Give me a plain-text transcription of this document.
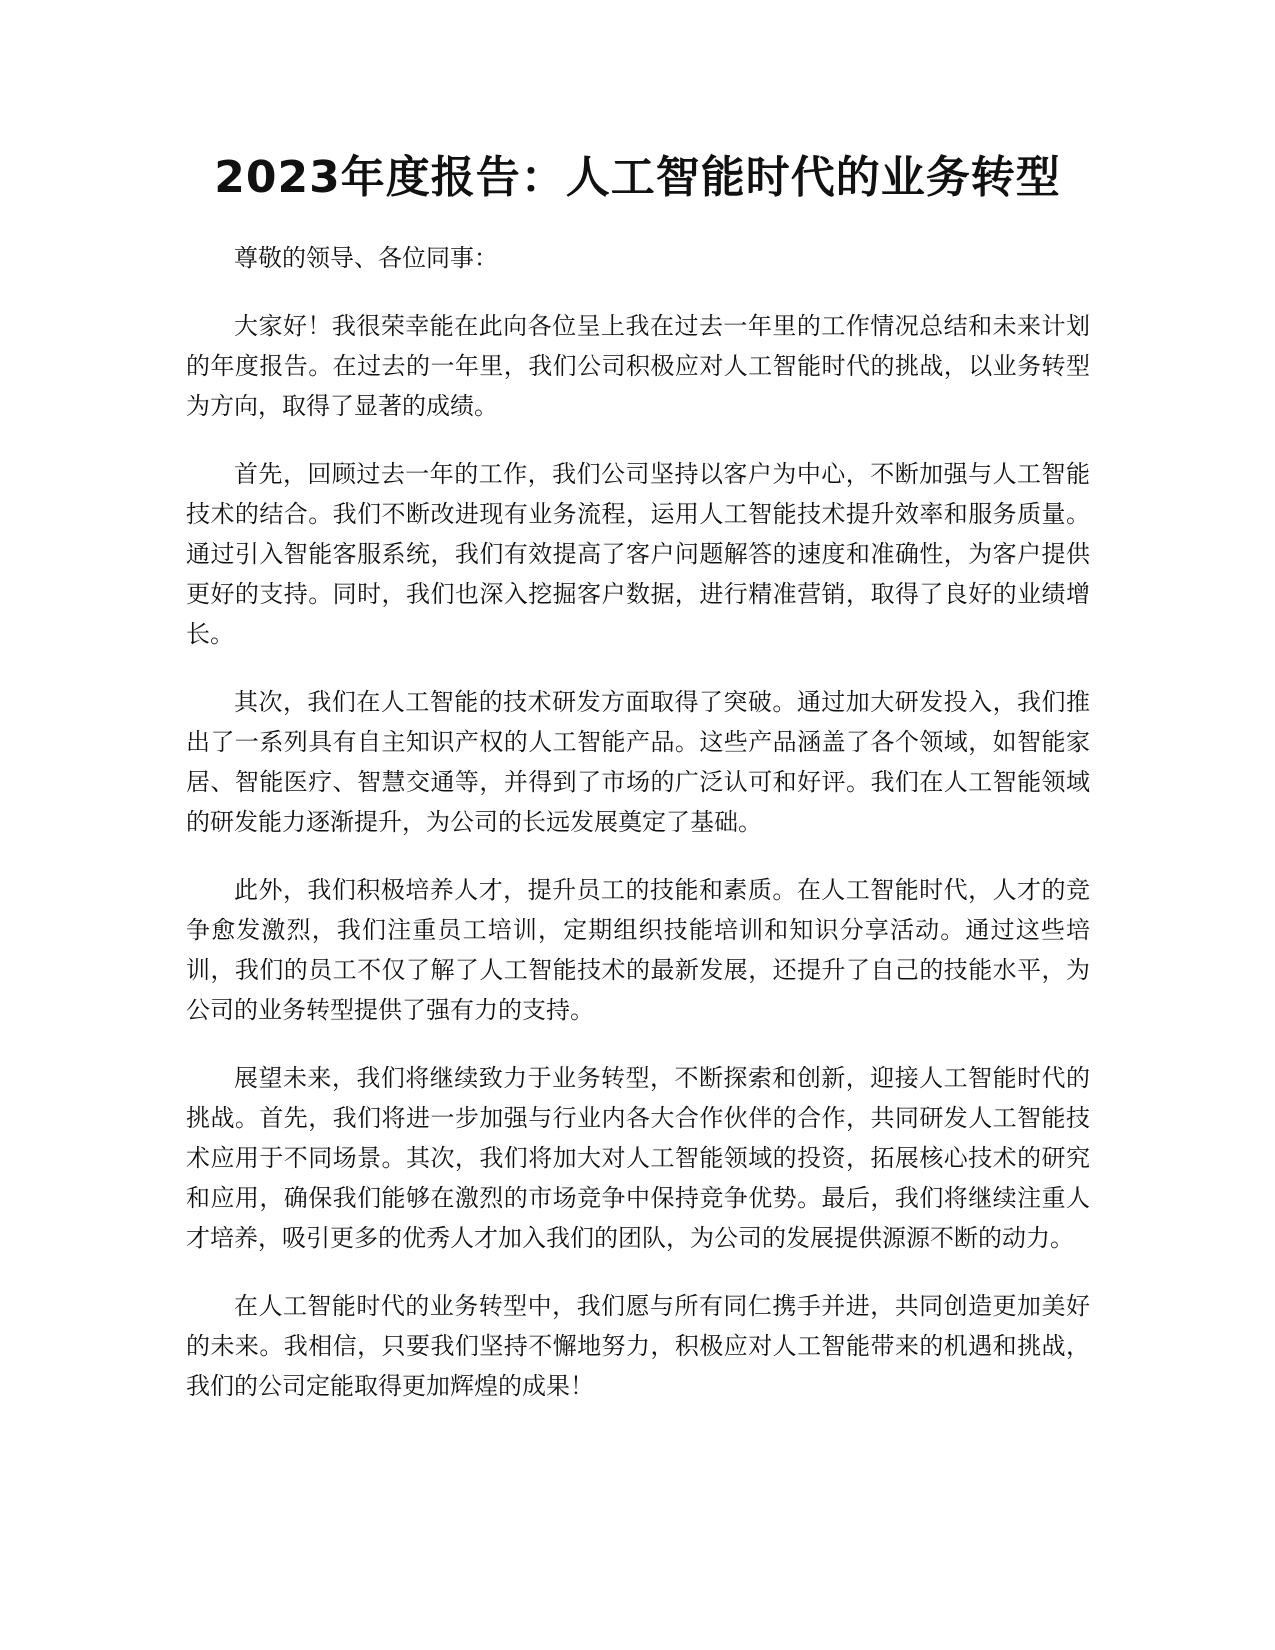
2023年度报告：人工智能时代的业务转型

尊敬的领导、各位同事：

大家好！我很荣幸能在此向各位呈上我在过去一年里的工作情况总结和未来计划的年度报告。在过去的一年里，我们公司积极应对人工智能时代的挑战，以业务转型为方向，取得了显著的成绩。

首先，回顾过去一年的工作，我们公司坚持以客户为中心，不断加强与人工智能技术的结合。我们不断改进现有业务流程，运用人工智能技术提升效率和服务质量。通过引入智能客服系统，我们有效提高了客户问题解答的速度和准确性，为客户提供更好的支持。同时，我们也深入挖掘客户数据，进行精准营销，取得了良好的业绩增长。

其次，我们在人工智能的技术研发方面取得了突破。通过加大研发投入，我们推出了一系列具有自主知识产权的人工智能产品。这些产品涵盖了各个领域，如智能家居、智能医疗、智慧交通等，并得到了市场的广泛认可和好评。我们在人工智能领域的研发能力逐渐提升，为公司的长远发展奠定了基础。

此外，我们积极培养人才，提升员工的技能和素质。在人工智能时代，人才的竞争愈发激烈，我们注重员工培训，定期组织技能培训和知识分享活动。通过这些培训，我们的员工不仅了解了人工智能技术的最新发展，还提升了自己的技能水平，为公司的业务转型提供了强有力的支持。

展望未来，我们将继续致力于业务转型，不断探索和创新，迎接人工智能时代的挑战。首先，我们将进一步加强与行业内各大合作伙伴的合作，共同研发人工智能技术应用于不同场景。其次，我们将加大对人工智能领域的投资，拓展核心技术的研究和应用，确保我们能够在激烈的市场竞争中保持竞争优势。最后，我们将继续注重人才培养，吸引更多的优秀人才加入我们的团队，为公司的发展提供源源不断的动力。

在人工智能时代的业务转型中，我们愿与所有同仁携手并进，共同创造更加美好的未来。我相信，只要我们坚持不懈地努力，积极应对人工智能带来的机遇和挑战，我们的公司定能取得更加辉煌的成果！
